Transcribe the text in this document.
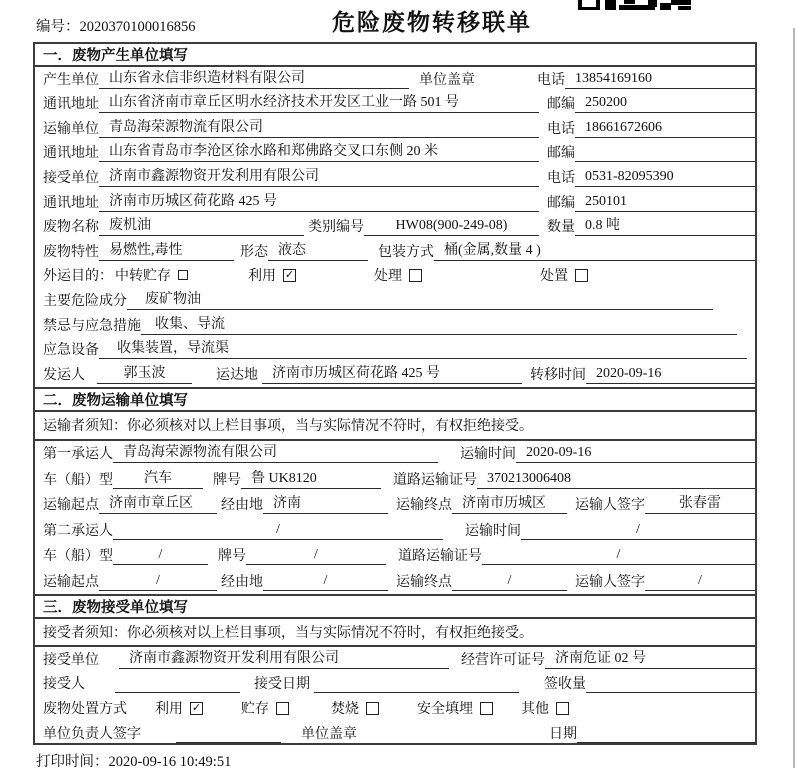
编号：2020370100016856	危险废物转移联单
一．废物产生单位填写
产生单位 山东省永信非织造材料有限公司	单位盖章	电话 13854169160
通讯地址 山东省济南市章丘区明水经济技术开发区工业一路 501 号	邮编 250200
运输单位 青岛海荣源物流有限公司	电话 18661672606
通讯地址 山东省青岛市李沧区徐水路和郑佛路交叉口东侧 20 米	邮编
接受单位 济南市鑫源物资开发利用有限公司	电话 0531-82095390
通讯地址 济南市历城区荷花路 425 号	邮编 250101
废物名称 废机油	类别编号	HW08(900-249-08)	数量 0.8 吨
废物特性 易燃性,毒性	形态 液态	包装方式 桶(金属,数量 4 )
外运目的： 中转贮存	利用 ✓	处理	处置
主要危险成分	废矿物油
禁忌与应急措施	收集、导流
应急设备	收集装置，导流渠
发运人	郭玉波	运达地	济南市历城区荷花路 425 号	转移时间 2020-09-16
二．废物运输单位填写
运输者须知：你必须核对以上栏目事项，当与实际情况不符时，有权拒绝接受。
第一承运人 青岛海荣源物流有限公司	运输时间 2020-09-16
车（船）型	汽车	牌号 鲁 UK8120	道路运输证号 370213006408
运输起点 济南市章丘区	经由地 济南	运输终点 济南市历城区	运输人签字	张春雷
第二承运人	/	运输时间	/
车（船）型	/	牌号	/	道路运输证号	/
运输起点	/	经由地	/	运输终点	/	运输人签字	/
三．废物接受单位填写
接受者须知：你必须核对以上栏目事项，当与实际情况不符时，有权拒绝接受。
接受单位	济南市鑫源物资开发利用有限公司	经营许可证号 济南危证 02 号
接受人	接受日期	签收量
废物处置方式 利用 ✓	贮存	焚烧	安全填埋	其他
单位负责人签字	单位盖章	日期
打印时间：2020-09-16 10:49:51
